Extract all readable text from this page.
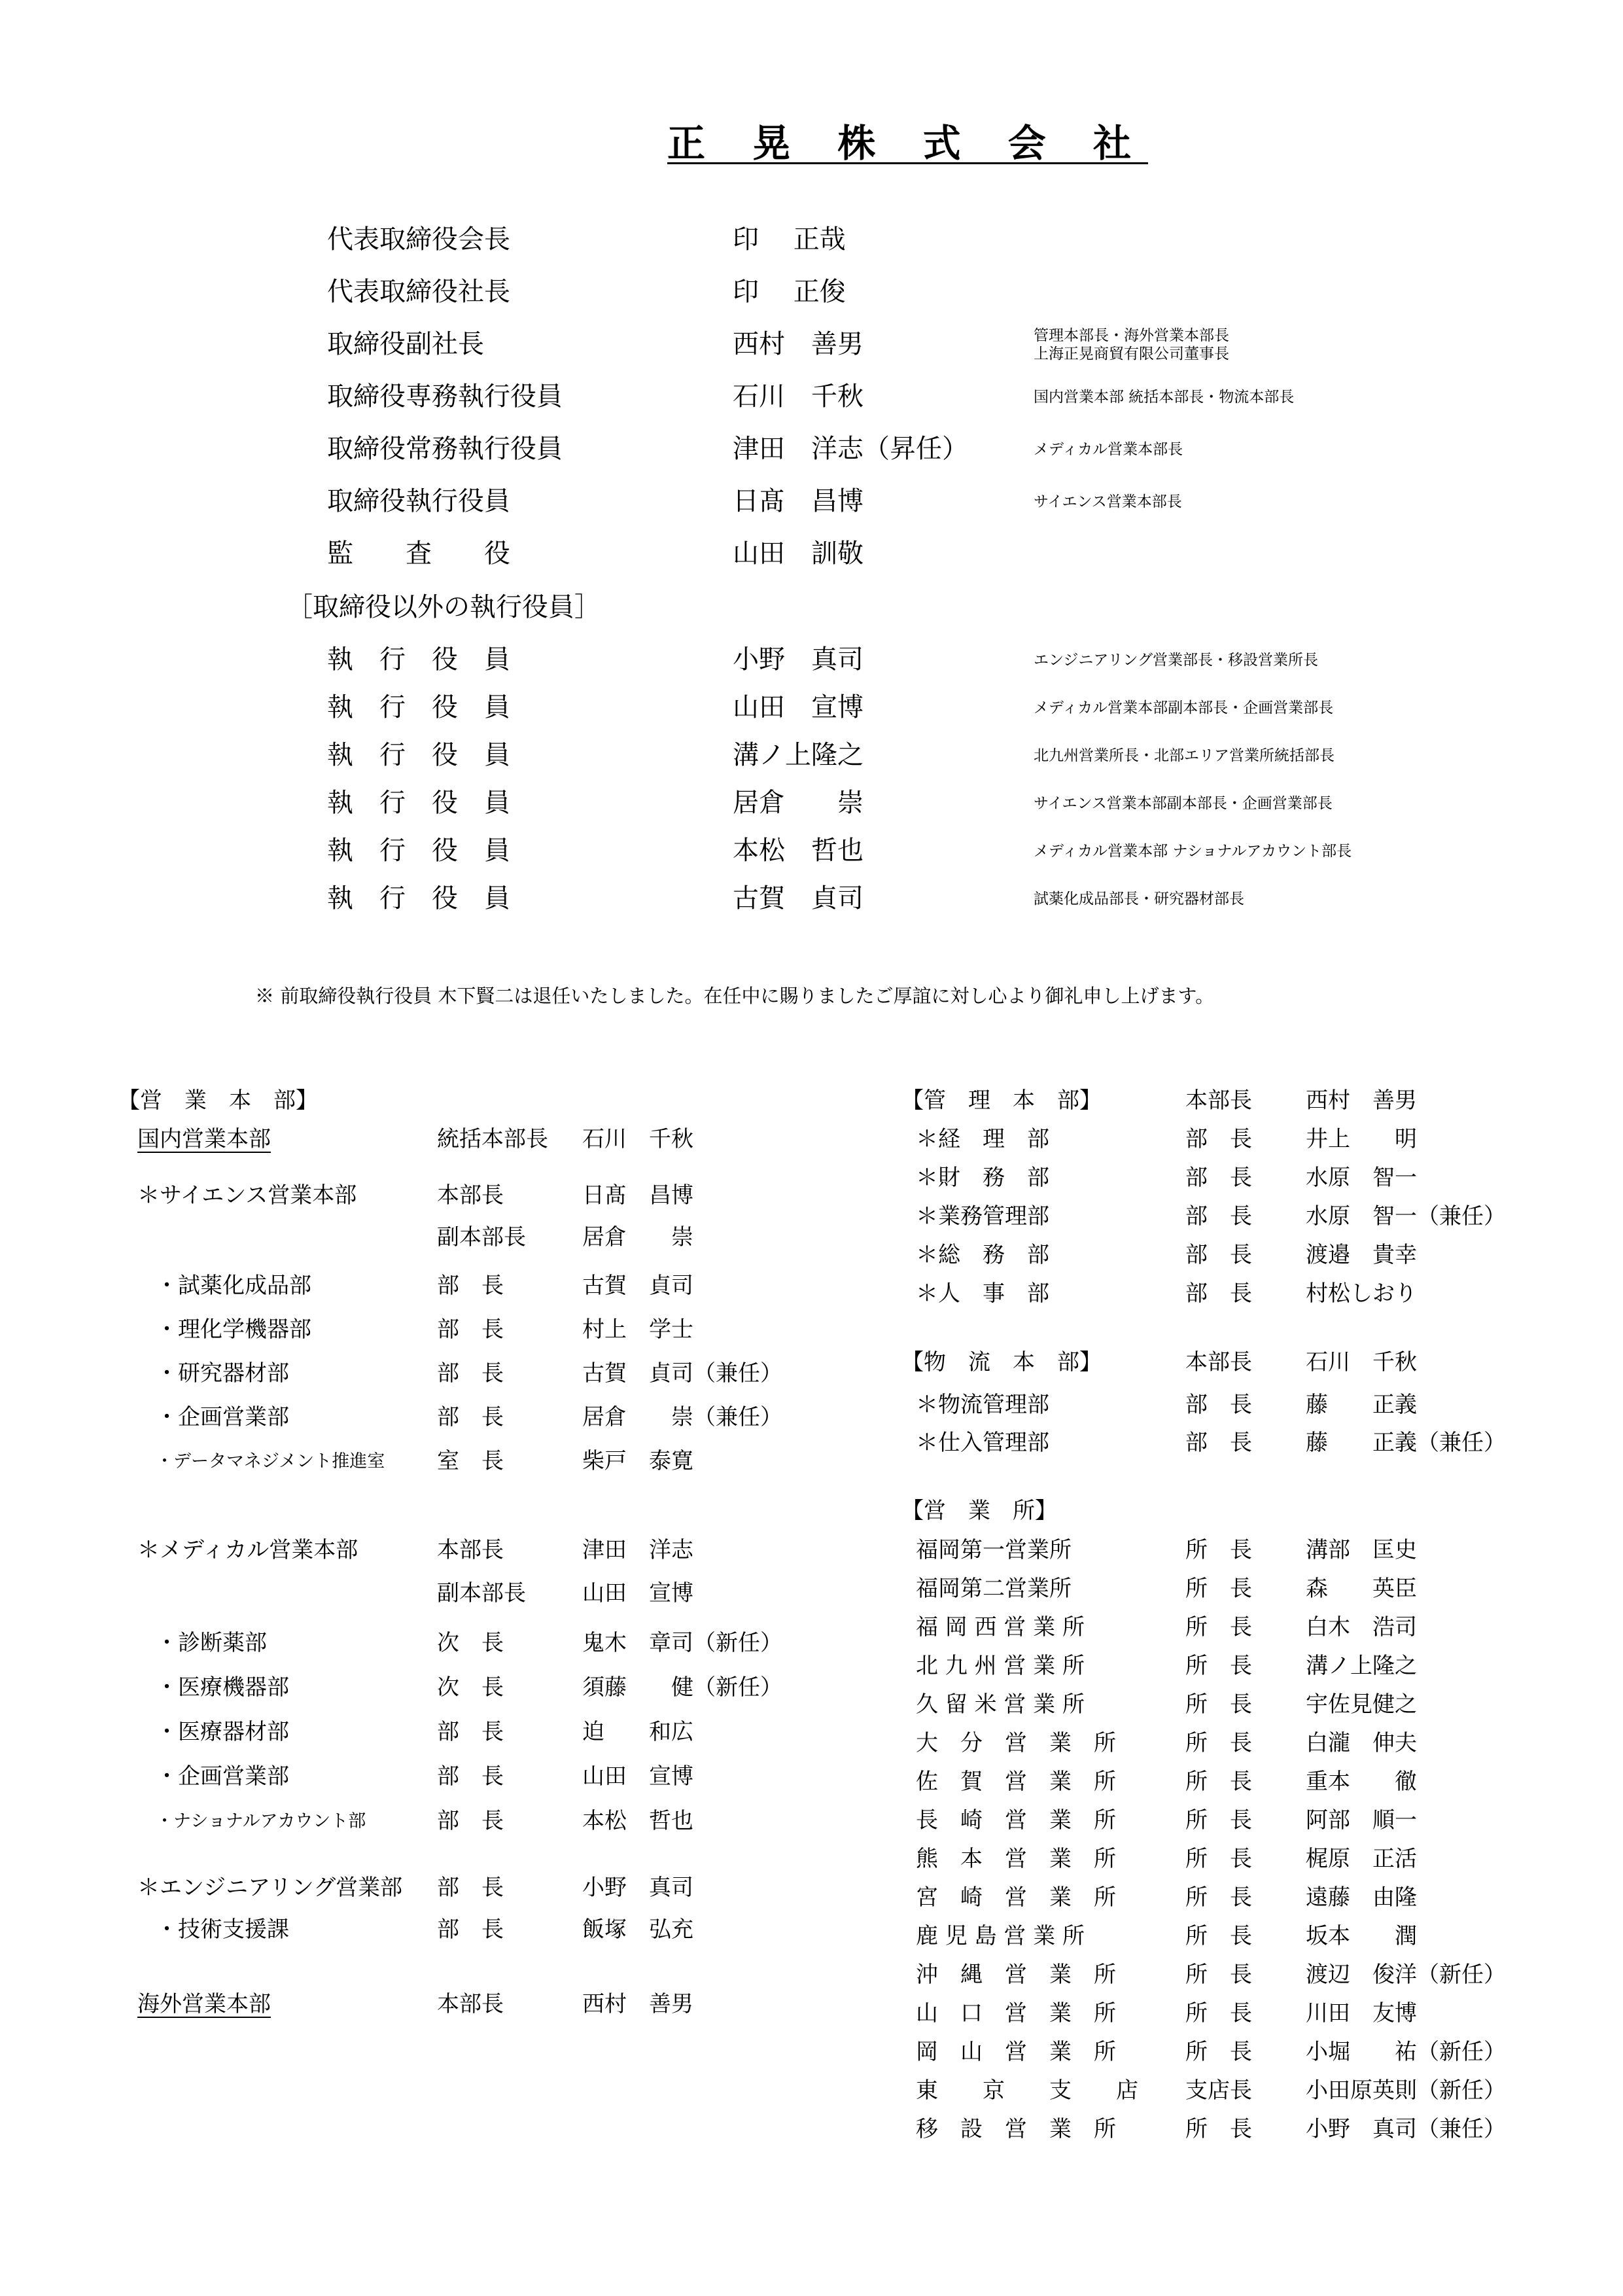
正 晃 株 式 会 社
代表取締役会長	印　 正哉
代表取締役社長	印　 正俊
取締役副社長	西村　善男	管理本部長・海外営業本部長
上海正晃商貿有限公司董事長
取締役専務執行役員	石川　千秋	国内営業本部 統括本部長・物流本部長
取締役常務執行役員	津田　洋志（昇任）	メディカル営業本部長
取締役執行役員	日髙　昌博	サイエンス営業本部長
監　　査　　役	山田　訓敬
［取締役以外の執行役員］
執　行　役　員	小野　真司	エンジニアリング営業部長・移設営業所長
執　行　役　員	山田　宣博	メディカル営業本部副本部長・企画営業部長
執　行　役　員	溝ノ上隆之	北九州営業所長・北部エリア営業所統括部長
執　行　役　員	居倉　　崇	サイエンス営業本部副本部長・企画営業部長
執　行　役　員	本松　哲也	メディカル営業本部 ナショナルアカウント部長
執　行　役　員	古賀　貞司	試薬化成品部長・研究器材部長
※ 前取締役執行役員 木下賢二は退任いたしました。在任中に賜りましたご厚誼に対し心より御礼申し上げます。
【営　業　本　部】
国内営業本部	統括本部長 石川　千秋
＊サイエンス営業本部	本部長	日髙　昌博
副本部長	居倉　　崇
・試薬化成品部	部　長	古賀　貞司
・理化学機器部	部　長	村上　学士
・研究器材部	部　長	古賀　貞司（兼任）
・企画営業部	部　長	居倉　　崇（兼任）
・データマネジメント推進室 室　長	柴戸　泰寛
＊メディカル営業本部	本部長	津田　洋志
副本部長	山田　宣博
・診断薬部	次　長	鬼木　章司（新任）
・医療機器部	次　長	須藤　　健（新任）
・医療器材部	部　長	迫　　和広
・企画営業部	部　長	山田　宣博
・ナショナルアカウント部	部　長	本松　哲也
＊エンジニアリング営業部 部　長	小野　真司
・技術支援課	部　長	飯塚　弘充
海外営業本部	本部長	西村　善男
【管　理　本　部】	本部長 西村　善男
＊経　理　部	部　長 井上　　明
＊財　務　部	部　長 水原　智一
＊業務管理部	部　長 水原　智一（兼任）
＊総　務　部	部　長 渡邉　貴幸
＊人　事　部	部　長 村松しおり
【物　流　本　部】	本部長 石川　千秋
＊物流管理部	部　長 藤　　正義
＊仕入管理部	部　長 藤　　正義（兼任）
【営　業　所】
福岡第一営業所	所　長 溝部　匡史
福岡第二営業所	所　長 森　　英臣
福 岡 西 営 業 所	所　長 白木　浩司
北 九 州 営 業 所	所　長 溝ノ上隆之
久 留 米 営 業 所	所　長 宇佐見健之
大　分　営　業　所	所　長 白瀧　伸夫
佐　賀　営　業　所	所　長 重本　　徹
長　崎　営　業　所	所　長 阿部　順一
熊　本　営　業　所	所　長 梶原　正活
宮　崎　営　業　所	所　長 遠藤　由隆
鹿 児 島 営 業 所	所　長 坂本　　潤
沖　縄　営　業　所	所　長 渡辺　俊洋（新任）
山　口　営　業　所	所　長 川田　友博
岡　山　営　業　所	所　長 小堀　　祐（新任）
東　　京　　支　　店 支店長 小田原英則（新任）
移　設　営　業　所	所　長 小野　真司（兼任）
